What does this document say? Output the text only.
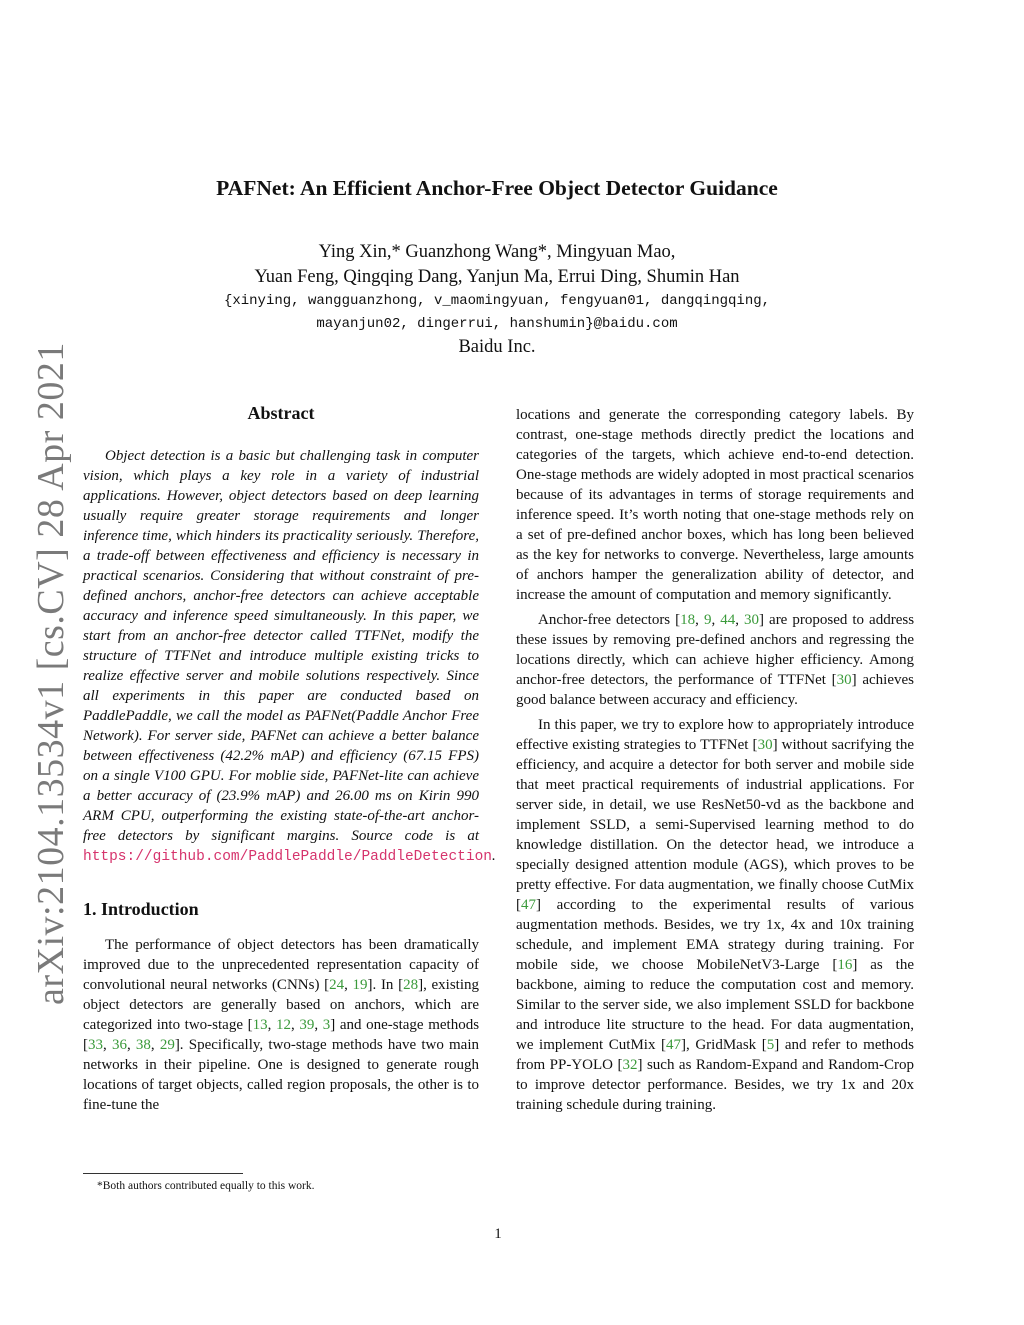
arXiv:2104.13534v1 [cs.CV] 28 Apr 2021
PAFNet: An Efficient Anchor-Free Object Detector Guidance
Ying Xin,* Guanzhong Wang*, Mingyuan Mao,
Yuan Feng, Qingqing Dang, Yanjun Ma, Errui Ding, Shumin Han
{xinying, wangguanzhong, v_maomingyuan, fengyuan01, dangqingqing,
mayanjun02, dingerrui, hanshumin}@baidu.com
Baidu Inc.
Abstract

Object detection is a basic but challenging task in computer vision, which plays a key role in a variety of industrial applications. However, object detectors based on deep learning usually require greater storage requirements and longer inference time, which hinders its practicality seriously. Therefore, a trade-off between effectiveness and efficiency is necessary in practical scenarios. Considering that without constraint of pre-defined anchors, anchor-free detectors can achieve acceptable accuracy and inference speed simultaneously. In this paper, we start from an anchor-free detector called TTFNet, modify the structure of TTFNet and introduce multiple existing tricks to realize effective server and mobile solutions respectively. Since all experiments in this paper are conducted based on PaddlePaddle, we call the model as PAFNet(Paddle Anchor Free Network). For server side, PAFNet can achieve a better balance between effectiveness (42.2% mAP) and efficiency (67.15 FPS) on a single V100 GPU. For moblie side, PAFNet-lite can achieve a better accuracy of (23.9% mAP) and 26.00 ms on Kirin 990 ARM CPU, outperforming the existing state-of-the-art anchor-free detectors by significant margins. Source code is at https://github.com/PaddlePaddle/PaddleDetection.

1. Introduction

The performance of object detectors has been dramatically improved due to the unprecedented representation capacity of convolutional neural networks (CNNs) [24, 19]. In [28], existing object detectors are generally based on anchors, which are categorized into two-stage [13, 12, 39, 3] and one-stage methods [33, 36, 38, 29]. Specifically, two-stage methods have two main networks in their pipeline. One is designed to generate rough locations of target objects, called region proposals, the other is to fine-tune the

locations and generate the corresponding category labels. By contrast, one-stage methods directly predict the locations and categories of the targets, which achieve end-to-end detection. One-stage methods are widely adopted in most practical scenarios because of its advantages in terms of storage requirements and inference speed. It’s worth noting that one-stage methods rely on a set of pre-defined anchor boxes, which has long been believed as the key for networks to converge. Nevertheless, large amounts of anchors hamper the generalization ability of detector, and increase the amount of computation and memory significantly.

Anchor-free detectors [18, 9, 44, 30] are proposed to address these issues by removing pre-defined anchors and regressing the locations directly, which can achieve higher efficiency. Among anchor-free detectors, the performance of TTFNet [30] achieves good balance between accuracy and efficiency.

In this paper, we try to explore how to appropriately introduce effective existing strategies to TTFNet [30] without sacrifying the efficiency, and acquire a detector for both server and mobile side that meet practical requirements of industrial applications. For server side, in detail, we use ResNet50-vd as the backbone and implement SSLD, a semi-Supervised learning method to do knowledge distillation. On the detector head, we introduce a specially designed attention module (AGS), which proves to be pretty effective. For data augmentation, we finally choose CutMix [47] according to the experimental results of various augmentation methods. Besides, we try 1x, 4x and 10x training schedule, and implement EMA strategy during training. For mobile side, we choose MobileNetV3-Large [16] as the backbone, aiming to reduce the computation cost and memory. Similar to the server side, we also implement SSLD for backbone and introduce lite structure to the head. For data augmentation, we implement CutMix [47], GridMask [5] and refer to methods from PP-YOLO [32] such as Random-Expand and Random-Crop to improve detector performance. Besides, we try 1x and 20x training schedule during training.

*Both authors contributed equally to this work.
1
